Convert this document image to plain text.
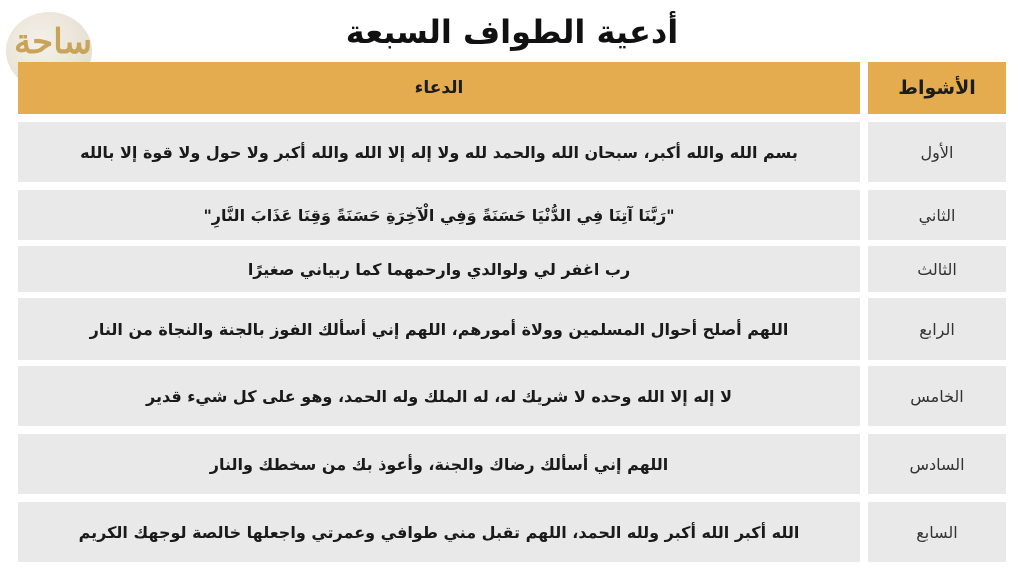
ساحة	أدعية الطواف السبعة
الدعاء	الأشواط
بسم الله والله أكبر، سبحان الله والحمد لله ولا إله إلا الله والله أكبر ولا حول ولا قوة إلا بالله	الأول
"رَبَّنَا آتِنَا فِي الدُّنْيَا حَسَنَةً وَفِي الْآخِرَةِ حَسَنَةً وَقِنَا عَذَابَ النَّارِ"	الثاني
رب اغفر لي ولوالدي وارحمهما كما ربياني صغيرًا	الثالث
اللهم أصلح أحوال المسلمين وولاة أمورهم، اللهم إني أسألك الفوز بالجنة والنجاة من النار	الرابع
لا إله إلا الله وحده لا شريك له، له الملك وله الحمد، وهو على كل شيء قدير	الخامس
اللهم إني أسألك رضاك والجنة، وأعوذ بك من سخطك والنار	السادس
الله أكبر الله أكبر ولله الحمد، اللهم تقبل مني طوافي وعمرتي واجعلها خالصة لوجهك الكريم	السابع
